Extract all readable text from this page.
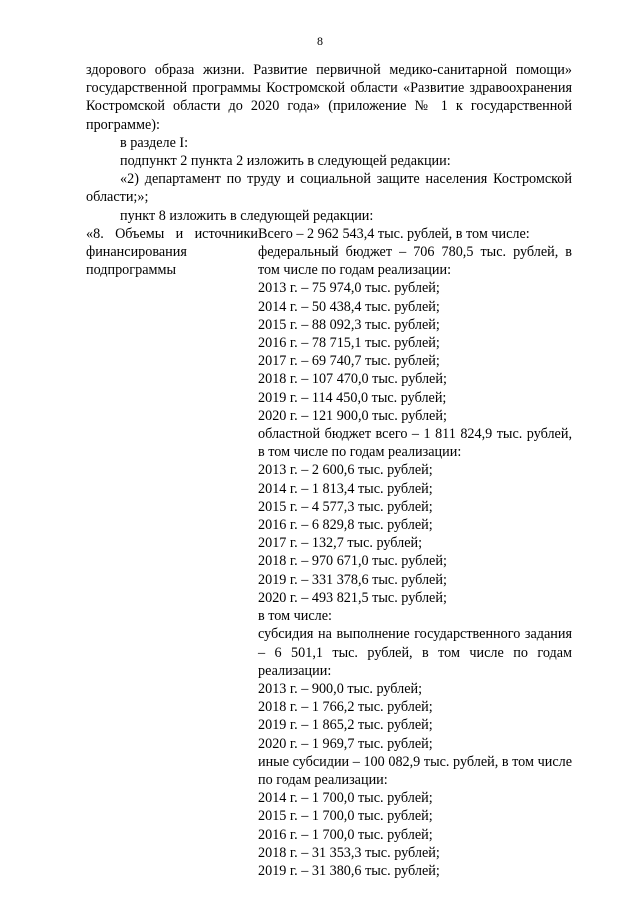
8

здорового образа жизни. Развитие первичной медико-санитарной помощи» государственной программы Костромской области «Развитие здравоохранения Костромской области до 2020 года» (приложение № 1 к государственной программе):

в разделе I:

подпункт 2 пункта 2 изложить в следующей редакции:

«2) департамент по труду и социальной защите населения Костромской области;»;

пункт 8 изложить в следующей редакции:

«8. Объемы и источники
финансирования
подпрограммы
Всего – 2 962 543,4 тыс. рублей, в том числе:
федеральный бюджет – 706 780,5 тыс. рублей, в том числе по годам реализации:
2013 г. – 75 974,0 тыс. рублей;
2014 г. – 50 438,4 тыс. рублей;
2015 г. – 88 092,3 тыс. рублей;
2016 г. – 78 715,1 тыс. рублей;
2017 г. – 69 740,7 тыс. рублей;
2018 г. – 107 470,0 тыс. рублей;
2019 г. – 114 450,0 тыс. рублей;
2020 г. – 121 900,0 тыс. рублей;
областной бюджет всего – 1 811 824,9 тыс. рублей, в том числе по годам реализации:
2013 г. – 2 600,6 тыс. рублей;
2014 г. – 1 813,4 тыс. рублей;
2015 г. – 4 577,3 тыс. рублей;
2016 г. – 6 829,8 тыс. рублей;
2017 г. – 132,7 тыс. рублей;
2018 г. – 970 671,0 тыс. рублей;
2019 г. – 331 378,6 тыс. рублей;
2020 г. – 493 821,5 тыс. рублей;
в том числе:
субсидия на выполнение государственного задания – 6 501,1 тыс. рублей, в том числе по годам реализации:
2013 г. – 900,0 тыс. рублей;
2018 г. – 1 766,2 тыс. рублей;
2019 г. – 1 865,2 тыс. рублей;
2020 г. – 1 969,7 тыс. рублей;
иные субсидии – 100 082,9 тыс. рублей, в том числе по годам реализации:
2014 г. – 1 700,0 тыс. рублей;
2015 г. – 1 700,0 тыс. рублей;
2016 г. – 1 700,0 тыс. рублей;
2018 г. – 31 353,3 тыс. рублей;
2019 г. – 31 380,6 тыс. рублей;
